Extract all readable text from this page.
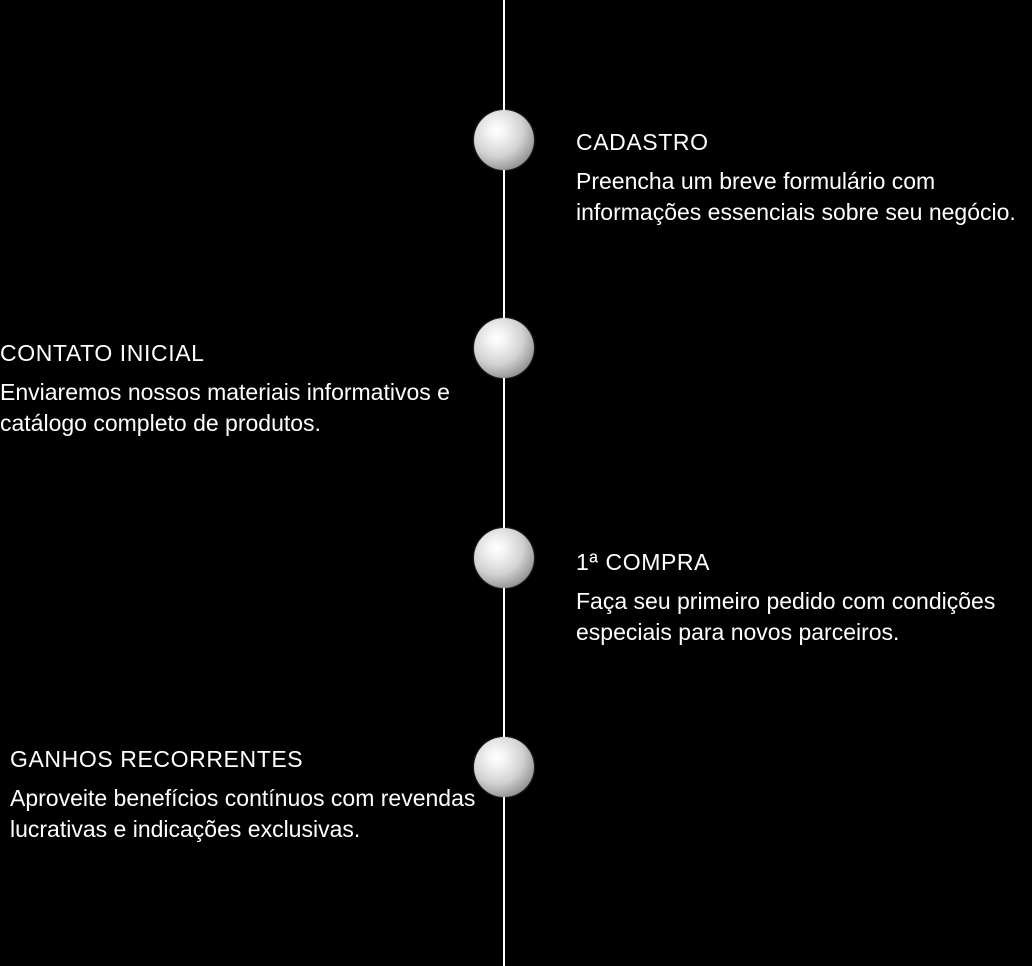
CADASTRO

Preencha um breve formulário com informações essenciais sobre seu negócio.

CONTATO INICIAL

Enviaremos nossos materiais informativos e catálogo completo de produtos.

1ª COMPRA

Faça seu primeiro pedido com condições especiais para novos parceiros.

GANHOS RECORRENTES

Aproveite benefícios contínuos com revendas lucrativas e indicações exclusivas.
